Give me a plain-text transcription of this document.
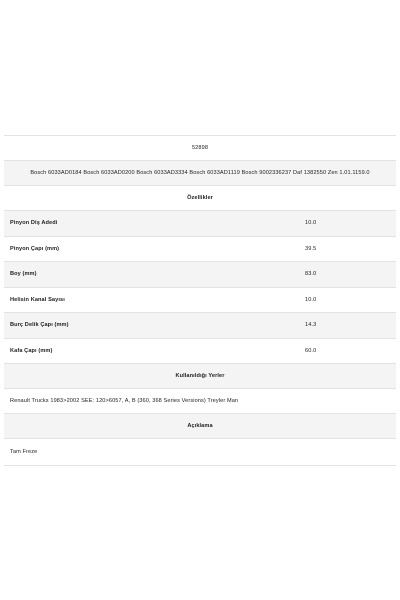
52898
Bosch 6033AD0184 Bosch 6033AD0200 Bosch 6033AD3334 Bosch 6033AD1119 Bosch 9002336237 Daf 1382550 Zen 1.01.1159.0
Özellikler
Pinyon Diş Adedi	10.0
Pinyon Çapı (mm)	39.5
Boy (mm)	83.0
Helisin Kanal Sayısı	10.0
Burç Delik Çapı (mm)	14.3
Kafa Çapı (mm)	60.0
Kullanıldığı Yerler
Renault Trucks 1983>2002 SEE: 120>6057, A, B (360, 368 Series Versions) Treyler Man
Açıklama
Tam Freze
